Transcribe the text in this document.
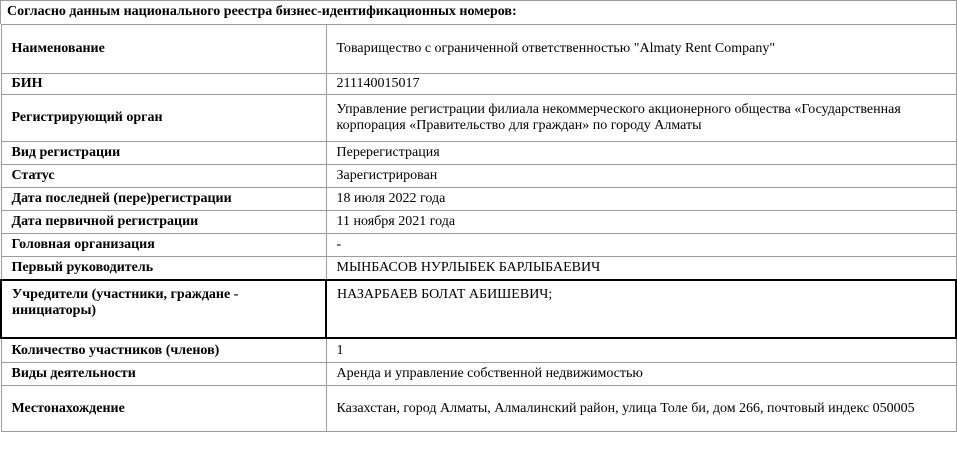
Согласно данным национального реестра бизнес-идентификационных номеров:
Наименование	Товарищество с ограниченной ответственностью "Almaty Rent Company"
БИН	211140015017
Регистрирующий орган	Управление регистрации филиала некоммерческого акционерного общества «Государственная корпорация «Правительство для граждан» по городу Алматы
Вид регистрации	Перерегистрация
Статус	Зарегистрирован
Дата последней (пере)регистрации	18 июля 2022 года
Дата первичной регистрации	11 ноября 2021 года
Головная организация	-
Первый руководитель	МЫНБАСОВ НУРЛЫБЕК БАРЛЫБАЕВИЧ
Учредители (участники, граждане - инициаторы)	НАЗАРБАЕВ БОЛАТ АБИШЕВИЧ;
Количество участников (членов)	1
Виды деятельности	Аренда и управление собственной недвижимостью
Местонахождение	Казахстан, город Алматы, Алмалинский район, улица Толе би, дом 266, почтовый индекс 050005
